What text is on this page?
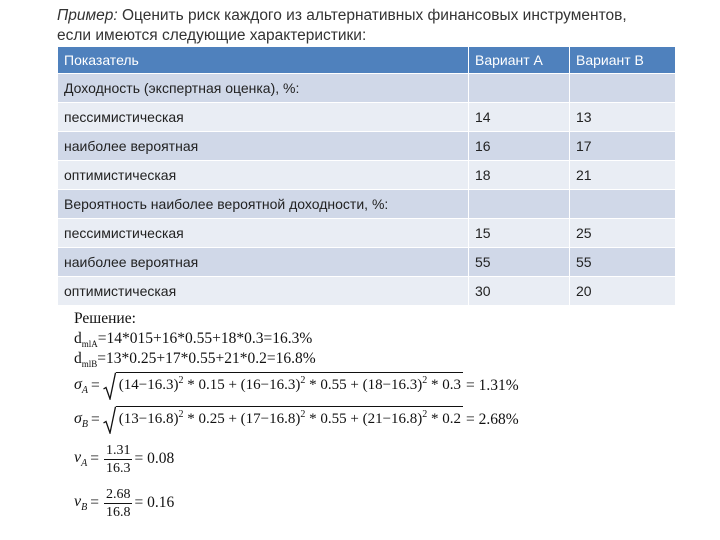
Пример: Оценить риск каждого из альтернативных финансовых инструментов,
если имеются следующие характеристики:
Показатель	Вариант А	Вариант В
Доходность (экспертная оценка), %:		
пессимистическая	14	13
наиболее вероятная	16	17
оптимистическая	18	21
Вероятность наиболее вероятной доходности, %:		
пессимистическая	15	25
наиболее вероятная	55	55
оптимистическая	30	20
Решение:
$d_{mlA}=14*015+16*0.55+18*0.3=16.3\%$
$d_{mlB}=13*0.25+17*0.55+21*0.2=16.8\%$
$\sigma_A = (14-16.3)^2 * 0.15 + (16-16.3)^2 * 0.55 + (18-16.3)^2 * 0.3 = 1.31\%$
$\sigma_B = (13-16.8)^2 * 0.25 + (17-16.8)^2 * 0.55 + (21-16.8)^2 * 0.2 = 2.68\%$
$v_A = \frac{1.31}{16.3} = 0.08$
$v_B = \frac{2.68}{16.8} = 0.16$
